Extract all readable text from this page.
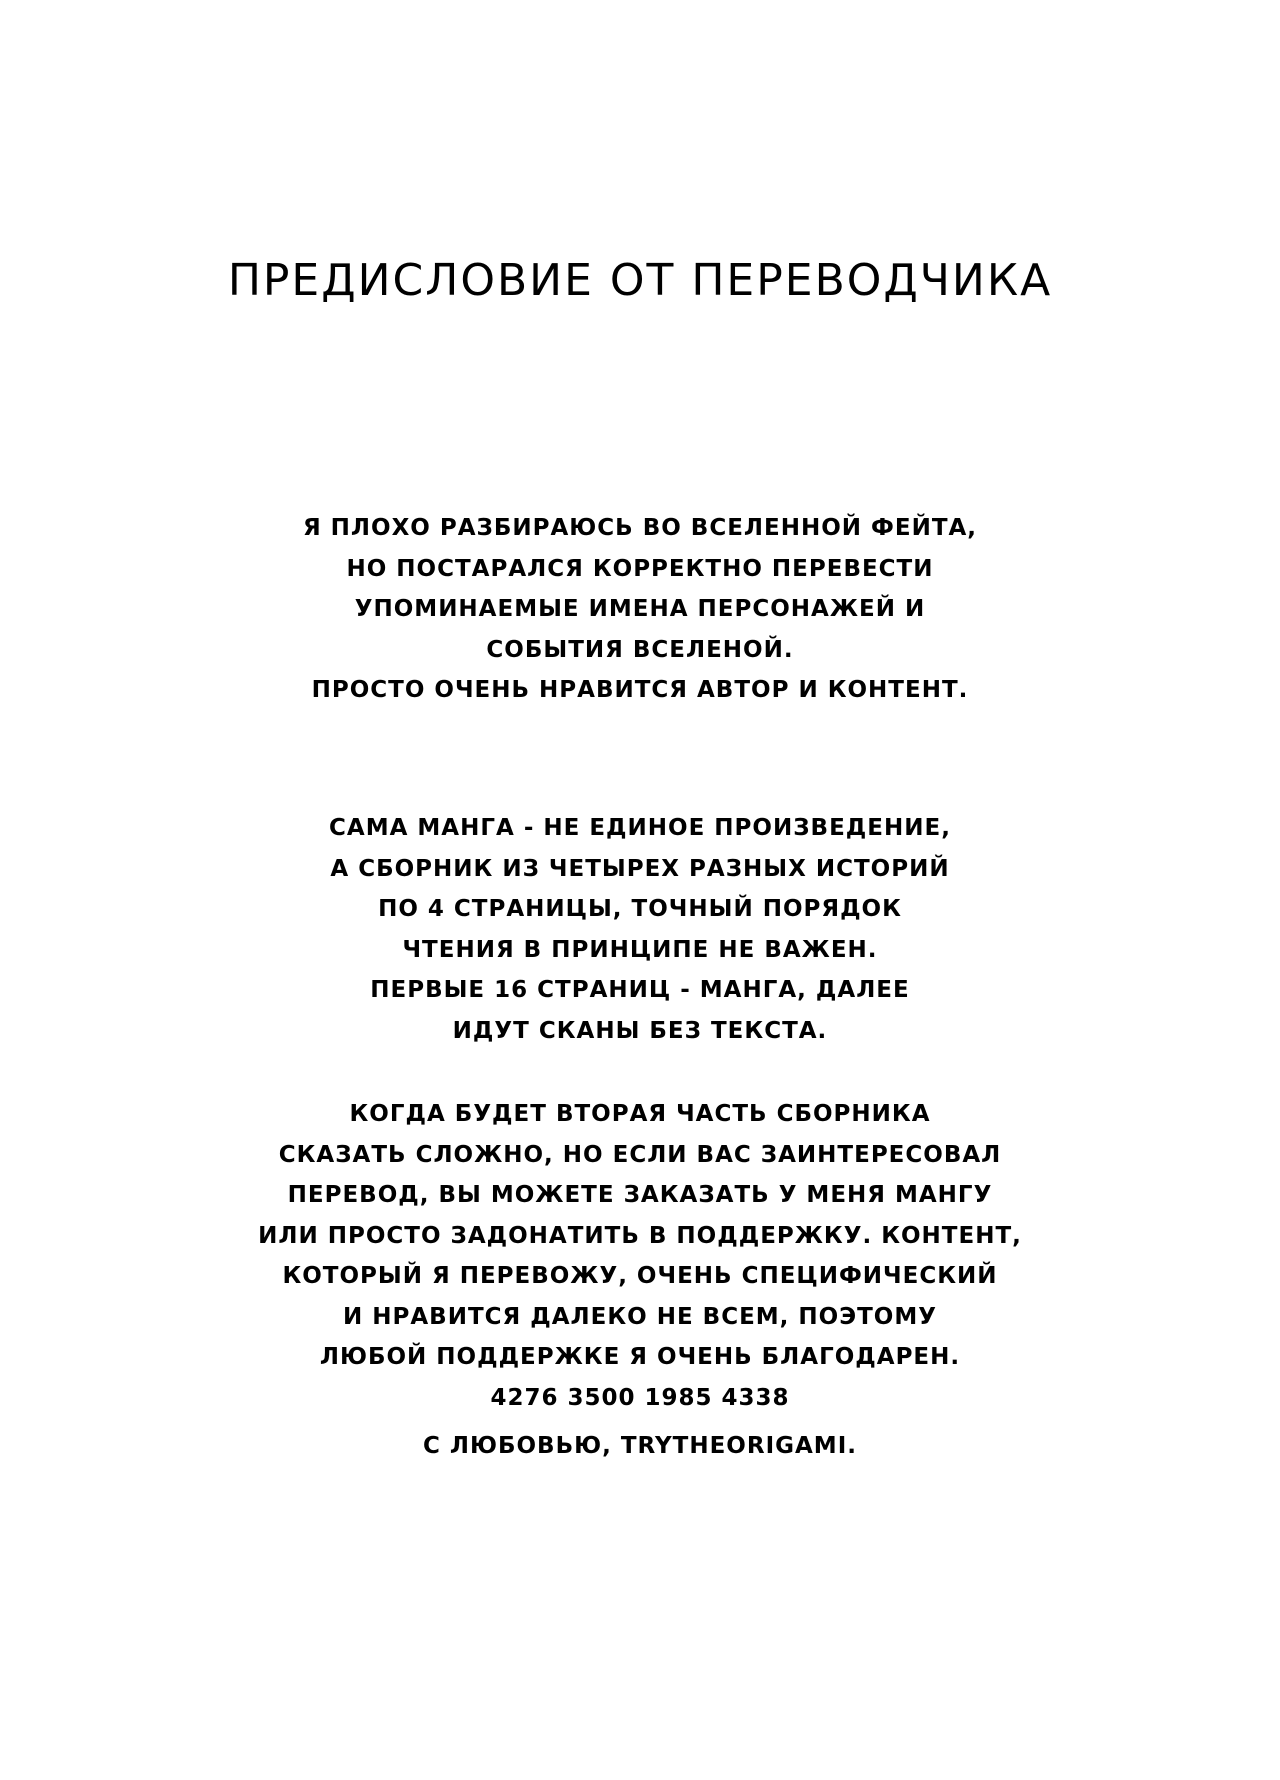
ПРЕДИСЛОВИЕ ОТ ПЕРЕВОДЧИКА
Я ПЛОХО РАЗБИРАЮСЬ ВО ВСЕЛЕННОЙ ФЕЙТА,
НО ПОСТАРАЛСЯ КОРРЕКТНО ПЕРЕВЕСТИ
УПОМИНАЕМЫЕ ИМЕНА ПЕРСОНАЖЕЙ И
СОБЫТИЯ ВСЕЛЕНОЙ.
ПРОСТО ОЧЕНЬ НРАВИТСЯ АВТОР И КОНТЕНТ.
САМА МАНГА - НЕ ЕДИНОЕ ПРОИЗВЕДЕНИЕ,
А СБОРНИК ИЗ ЧЕТЫРЕХ РАЗНЫХ ИСТОРИЙ
ПО 4 СТРАНИЦЫ, ТОЧНЫЙ ПОРЯДОК
ЧТЕНИЯ В ПРИНЦИПЕ НЕ ВАЖЕН.
ПЕРВЫЕ 16 СТРАНИЦ - МАНГА, ДАЛЕЕ
ИДУТ СКАНЫ БЕЗ ТЕКСТА.
КОГДА БУДЕТ ВТОРАЯ ЧАСТЬ СБОРНИКА
СКАЗАТЬ СЛОЖНО, НО ЕСЛИ ВАС ЗАИНТЕРЕСОВАЛ
ПЕРЕВОД, ВЫ МОЖЕТЕ ЗАКАЗАТЬ У МЕНЯ МАНГУ
ИЛИ ПРОСТО ЗАДОНАТИТЬ В ПОДДЕРЖКУ. КОНТЕНТ,
КОТОРЫЙ Я ПЕРЕВОЖУ, ОЧЕНЬ СПЕЦИФИЧЕСКИЙ
И НРАВИТСЯ ДАЛЕКО НЕ ВСЕМ, ПОЭТОМУ
ЛЮБОЙ ПОДДЕРЖКЕ Я ОЧЕНЬ БЛАГОДАРЕН.
4276 3500 1985 4338
С ЛЮБОВЬЮ, TRYTHEORIGAMI.
